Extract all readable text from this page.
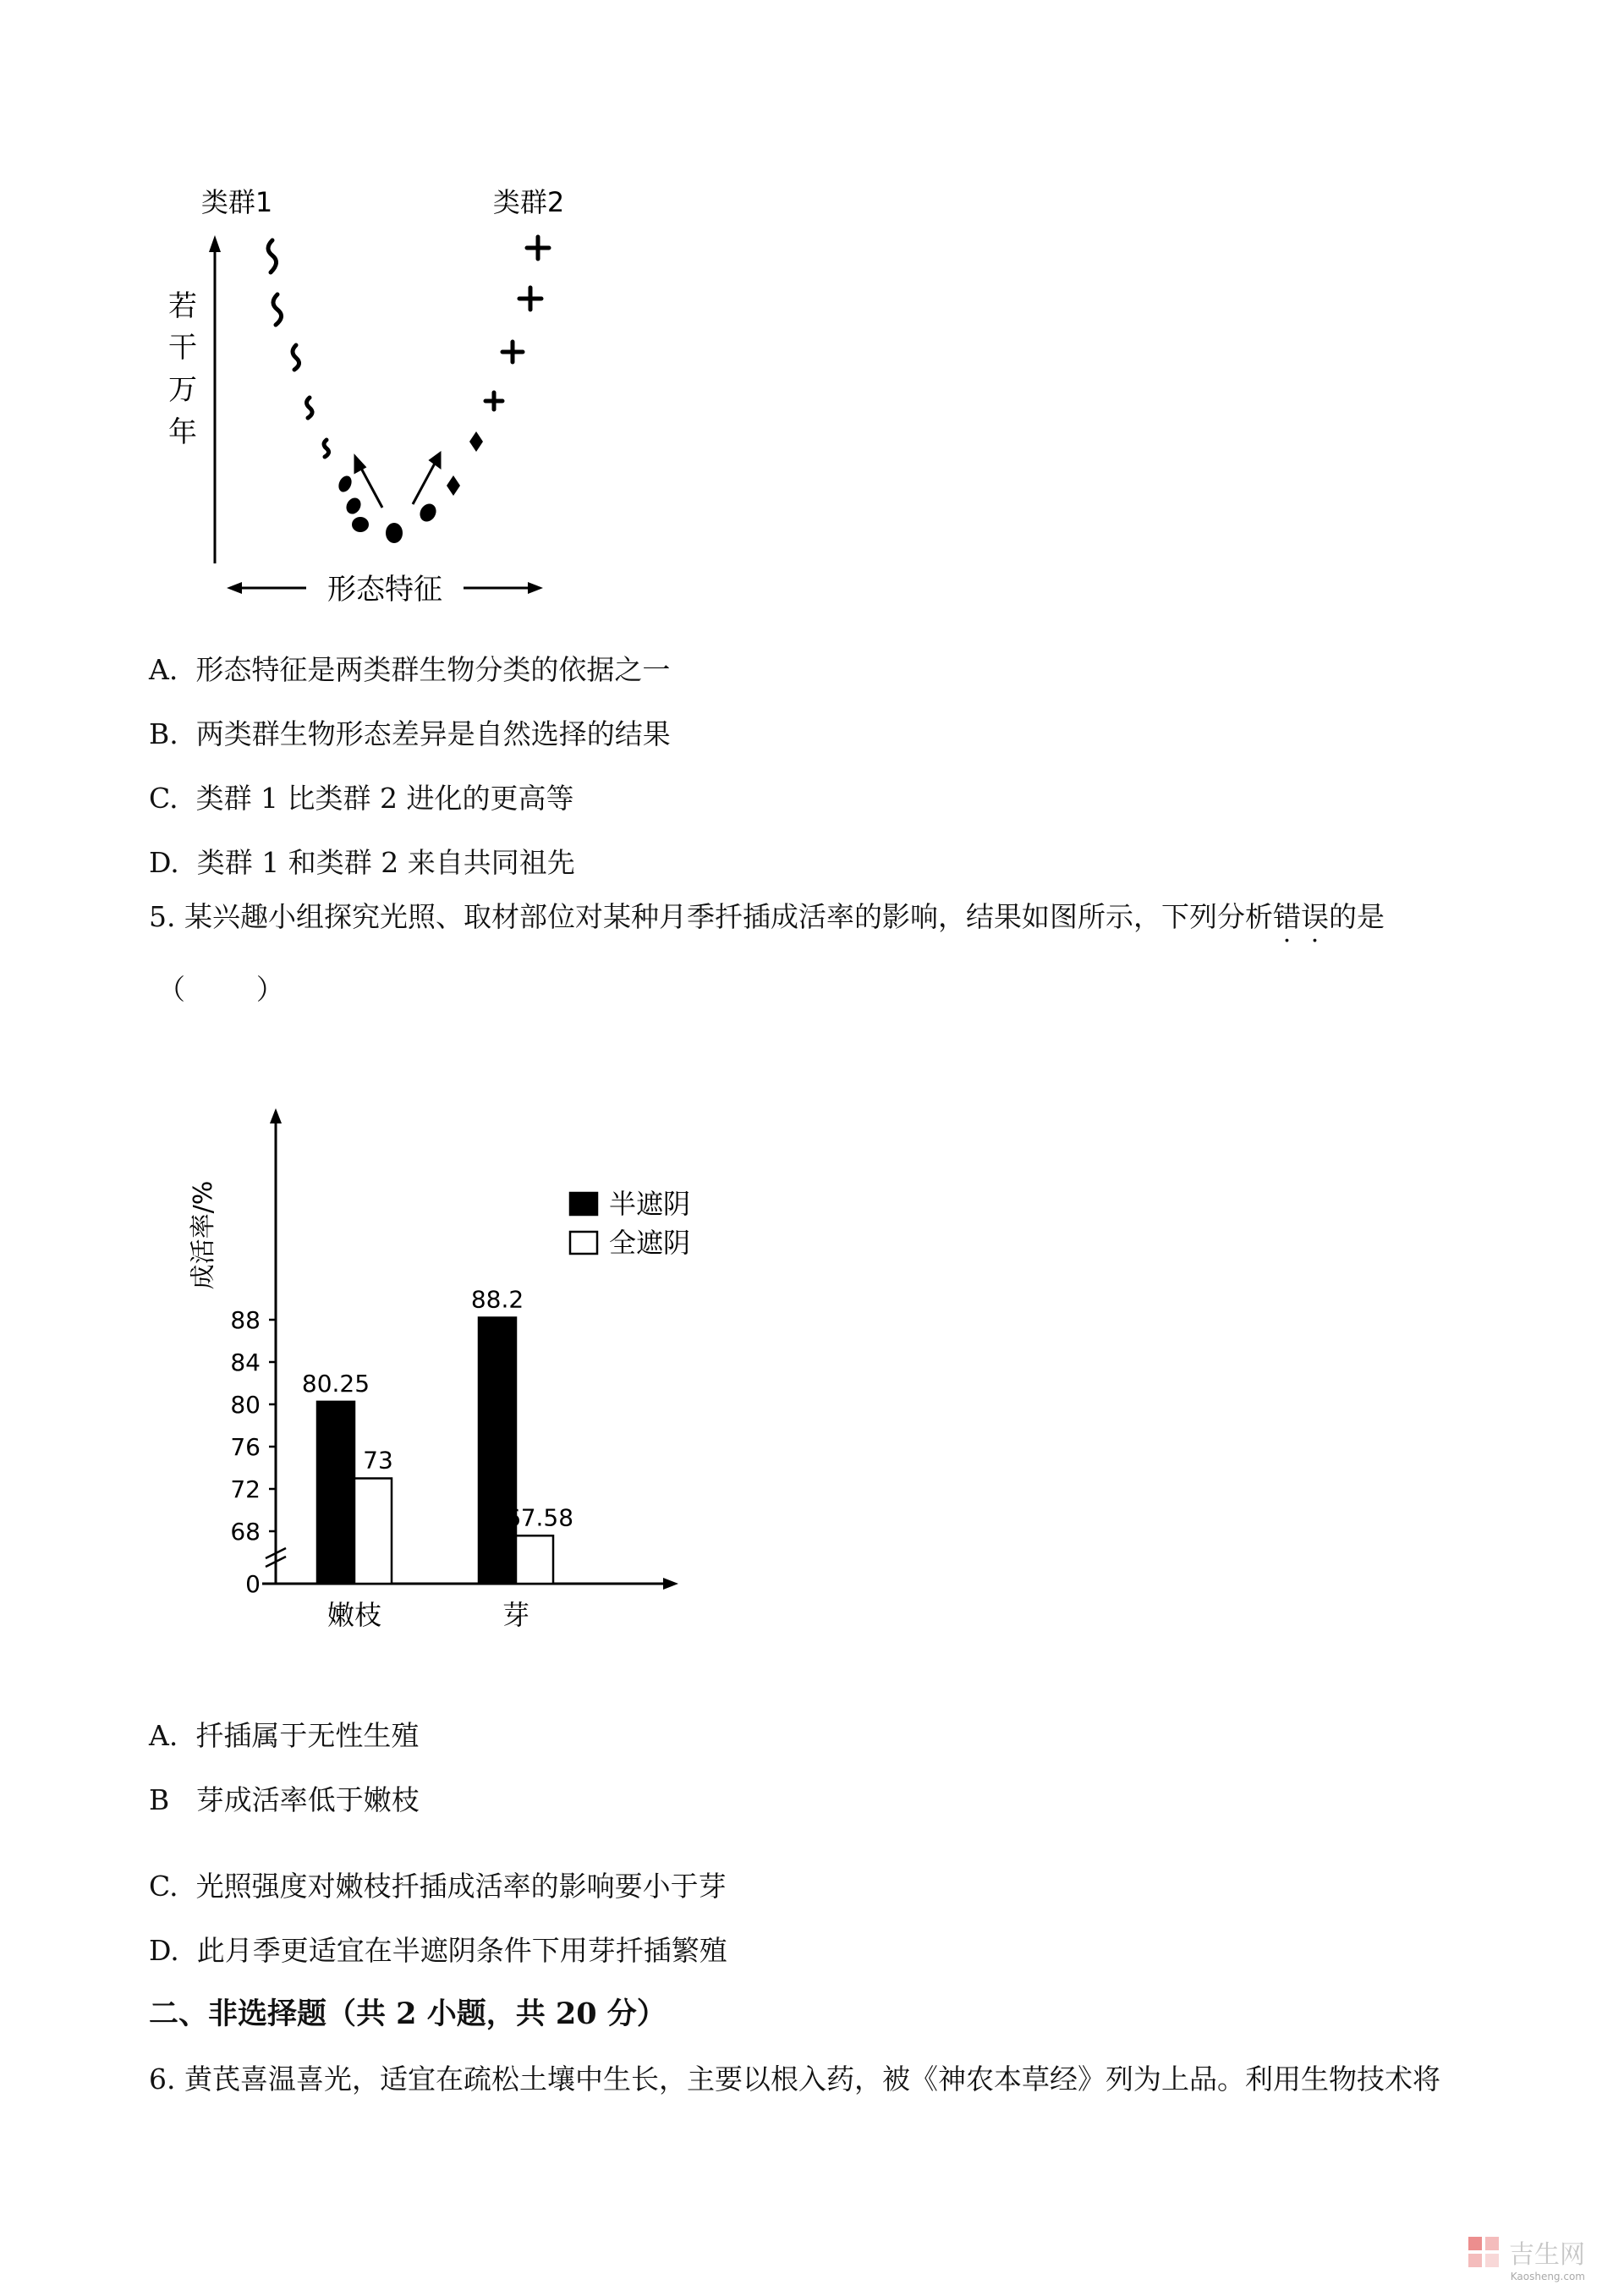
类群1	类群2
若
干
万
年
形态特征
A. 形态特征是两类群生物分类的依据之一
B. 两类群生物形态差异是自然选择的结果
C. 类群 1 比类群 2 进化的更高等
D. 类群 1 和类群 2 来自共同祖先
5. 某兴趣小组探究光照、取材部位对某种月季扦插成活率的影响，结果如图所示，下列分析错误的是
（        ）
成活率/%
0
68
72
76
80
84
88
80.25
73
88.2
67.58
嫩枝	芽
半遮阴
全遮阴
A. 扦插属于无性生殖
B 芽成活率低于嫩枝
C. 光照强度对嫩枝扦插成活率的影响要小于芽
D. 此月季更适宜在半遮阴条件下用芽扦插繁殖
二、非选择题（共 2 小题，共 20 分）
6. 黄芪喜温喜光，适宜在疏松土壤中生长，主要以根入药，被《神农本草经》列为上品。利用生物技术将
吉生网
Kaosheng.com
